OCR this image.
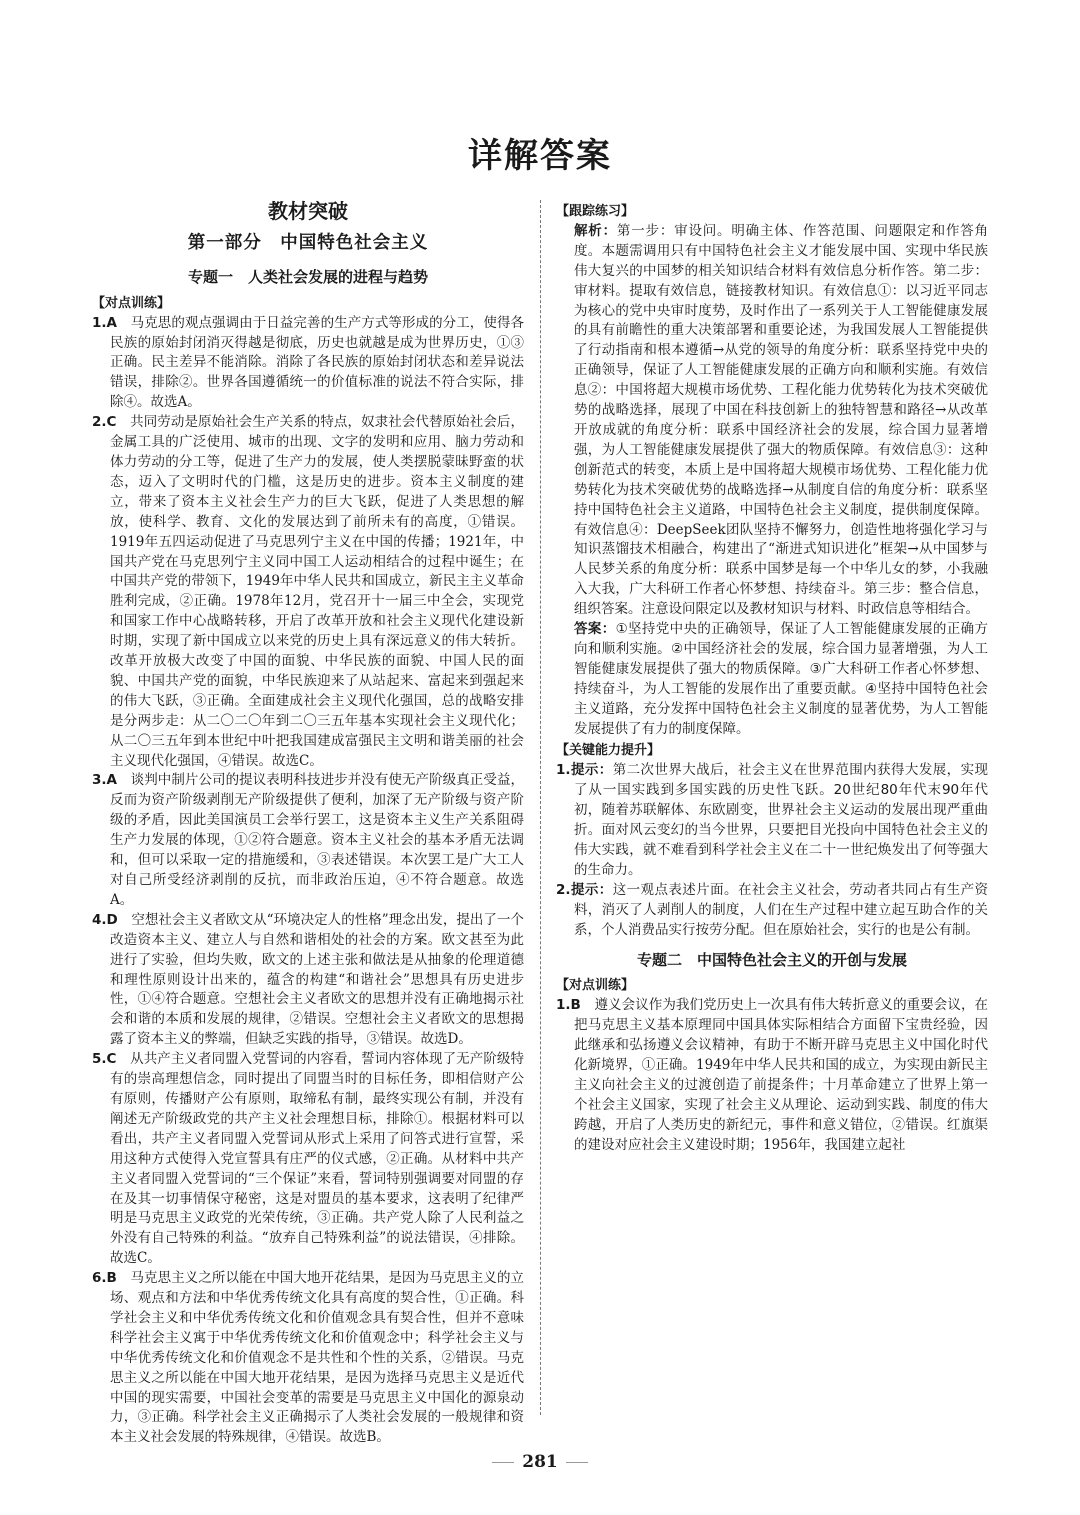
详解答案
教材突破
第一部分　中国特色社会主义
专题一　人类社会发展的进程与趋势
【对点训练】

1.A　 马克思的观点强调由于日益完善的生产方式等形成的分工，使得各民族的原始封闭消灭得越是彻底，历史也就越是成为世界历史，①③正确。民主差异不能消除。消除了各民族的原始封闭状态和差异说法错误，排除②。世界各国遵循统一的价值标准的说法不符合实际，排除④。故选A。

2.C　 共同劳动是原始社会生产关系的特点，奴隶社会代替原始社会后，金属工具的广泛使用、城市的出现、文字的发明和应用、脑力劳动和体力劳动的分工等，促进了生产力的发展，使人类摆脱蒙昧野蛮的状态，迈入了文明时代的门槛，这是历史的进步。资本主义制度的建立，带来了资本主义社会生产力的巨大飞跃，促进了人类思想的解放，使科学、教育、文化的发展达到了前所未有的高度，①错误。1919年五四运动促进了马克思列宁主义在中国的传播；1921年，中国共产党在马克思列宁主义同中国工人运动相结合的过程中诞生；在中国共产党的带领下，1949年中华人民共和国成立，新民主主义革命胜利完成，②正确。1978年12月，党召开十一届三中全会，实现党和国家工作中心战略转移，开启了改革开放和社会主义现代化建设新时期，实现了新中国成立以来党的历史上具有深远意义的伟大转折。改革开放极大改变了中国的面貌、中华民族的面貌、中国人民的面貌、中国共产党的面貌，中华民族迎来了从站起来、富起来到强起来的伟大飞跃，③正确。全面建成社会主义现代化强国，总的战略安排是分两步走：从二〇二〇年到二〇三五年基本实现社会主义现代化；从二〇三五年到本世纪中叶把我国建成富强民主文明和谐美丽的社会主义现代化强国，④错误。故选C。

3.A　 谈判中制片公司的提议表明科技进步并没有使无产阶级真正受益，反而为资产阶级剥削无产阶级提供了便利，加深了无产阶级与资产阶级的矛盾，因此美国演员工会举行罢工，这是资本主义生产关系阻碍生产力发展的体现，①②符合题意。资本主义社会的基本矛盾无法调和，但可以采取一定的措施缓和，③表述错误。本次罢工是广大工人对自己所受经济剥削的反抗，而非政治压迫，④不符合题意。故选A。

4.D　 空想社会主义者欧文从“环境决定人的性格”理念出发，提出了一个改造资本主义、建立人与自然和谐相处的社会的方案。欧文甚至为此进行了实验，但均失败，欧文的上述主张和做法是从抽象的伦理道德和理性原则设计出来的，蕴含的构建“和谐社会”思想具有历史进步性，①④符合题意。空想社会主义者欧文的思想并没有正确地揭示社会和谐的本质和发展的规律，②错误。空想社会主义者欧文的思想揭露了资本主义的弊端，但缺乏实践的指导，③错误。故选D。

5.C　 从共产主义者同盟入党誓词的内容看，誓词内容体现了无产阶级特有的崇高理想信念，同时提出了同盟当时的目标任务，即相信财产公有原则，传播财产公有原则，取缔私有制，最终实现公有制，并没有阐述无产阶级政党的共产主义社会理想目标，排除①。根据材料可以看出，共产主义者同盟入党誓词从形式上采用了问答式进行宣誓，采用这种方式使得入党宣誓具有庄严的仪式感，②正确。从材料中共产主义者同盟入党誓词的“三个保证”来看，誓词特别强调要对同盟的存在及其一切事情保守秘密，这是对盟员的基本要求，这表明了纪律严明是马克思主义政党的光荣传统，③正确。共产党人除了人民利益之外没有自己特殊的利益。“放弃自己特殊利益”的说法错误，④排除。故选C。

6.B　 马克思主义之所以能在中国大地开花结果，是因为马克思主义的立场、观点和方法和中华优秀传统文化具有高度的契合性，①正确。科学社会主义和中华优秀传统文化和价值观念具有契合性，但并不意味科学社会主义寓于中华优秀传统文化和价值观念中；科学社会主义与中华优秀传统文化和价值观念不是共性和个性的关系，②错误。马克思主义之所以能在中国大地开花结果，是因为选择马克思主义是近代中国的现实需要，中国社会变革的需要是马克思主义中国化的源泉动力，③正确。科学社会主义正确揭示了人类社会发展的一般规律和资本主义社会发展的特殊规律，④错误。故选B。

【跟踪练习】

解析：第一步：审设问。明确主体、作答范围、问题限定和作答角度。本题需调用只有中国特色社会主义才能发展中国、实现中华民族伟大复兴的中国梦的相关知识结合材料有效信息分析作答。第二步：审材料。提取有效信息，链接教材知识。有效信息①：以习近平同志为核心的党中央审时度势，及时作出了一系列关于人工智能健康发展的具有前瞻性的重大决策部署和重要论述，为我国发展人工智能提供了行动指南和根本遵循→从党的领导的角度分析：联系坚持党中央的正确领导，保证了人工智能健康发展的正确方向和顺利实施。有效信息②：中国将超大规模市场优势、工程化能力优势转化为技术突破优势的战略选择，展现了中国在科技创新上的独特智慧和路径→从改革开放成就的角度分析：联系中国经济社会的发展，综合国力显著增强，为人工智能健康发展提供了强大的物质保障。有效信息③：这种创新范式的转变，本质上是中国将超大规模市场优势、工程化能力优势转化为技术突破优势的战略选择→从制度自信的角度分析：联系坚持中国特色社会主义道路，中国特色社会主义制度，提供制度保障。有效信息④：DeepSeek团队坚持不懈努力，创造性地将强化学习与知识蒸馏技术相融合，构建出了“渐进式知识进化”框架→从中国梦与人民梦关系的角度分析：联系中国梦是每一个中华儿女的梦，小我融入大我，广大科研工作者心怀梦想、持续奋斗。第三步：整合信息，组织答案。注意设问限定以及教材知识与材料、时政信息等相结合。

答案：①坚持党中央的正确领导，保证了人工智能健康发展的正确方向和顺利实施。②中国经济社会的发展，综合国力显著增强，为人工智能健康发展提供了强大的物质保障。③广大科研工作者心怀梦想、持续奋斗，为人工智能的发展作出了重要贡献。④坚持中国特色社会主义道路，充分发挥中国特色社会主义制度的显著优势，为人工智能发展提供了有力的制度保障。

【关键能力提升】

1.提示：第二次世界大战后，社会主义在世界范围内获得大发展，实现了从一国实践到多国实践的历史性飞跃。20世纪80年代末90年代初，随着苏联解体、东欧剧变，世界社会主义运动的发展出现严重曲折。面对风云变幻的当今世界，只要把目光投向中国特色社会主义的伟大实践，就不难看到科学社会主义在二十一世纪焕发出了何等强大的生命力。

2.提示：这一观点表述片面。在社会主义社会，劳动者共同占有生产资料，消灭了人剥削人的制度，人们在生产过程中建立起互助合作的关系，个人消费品实行按劳分配。但在原始社会，实行的也是公有制。

专题二　中国特色社会主义的开创与发展
【对点训练】

1.B　 遵义会议作为我们党历史上一次具有伟大转折意义的重要会议，在把马克思主义基本原理同中国具体实际相结合方面留下宝贵经验，因此继承和弘扬遵义会议精神，有助于不断开辟马克思主义中国化时代化新境界，①正确。1949年中华人民共和国的成立，为实现由新民主主义向社会主义的过渡创造了前提条件；十月革命建立了世界上第一个社会主义国家，实现了社会主义从理论、运动到实践、制度的伟大跨越，开启了人类历史的新纪元，事件和意义错位，②错误。红旗渠的建设对应社会主义建设时期；1956年，我国建立起社

281
